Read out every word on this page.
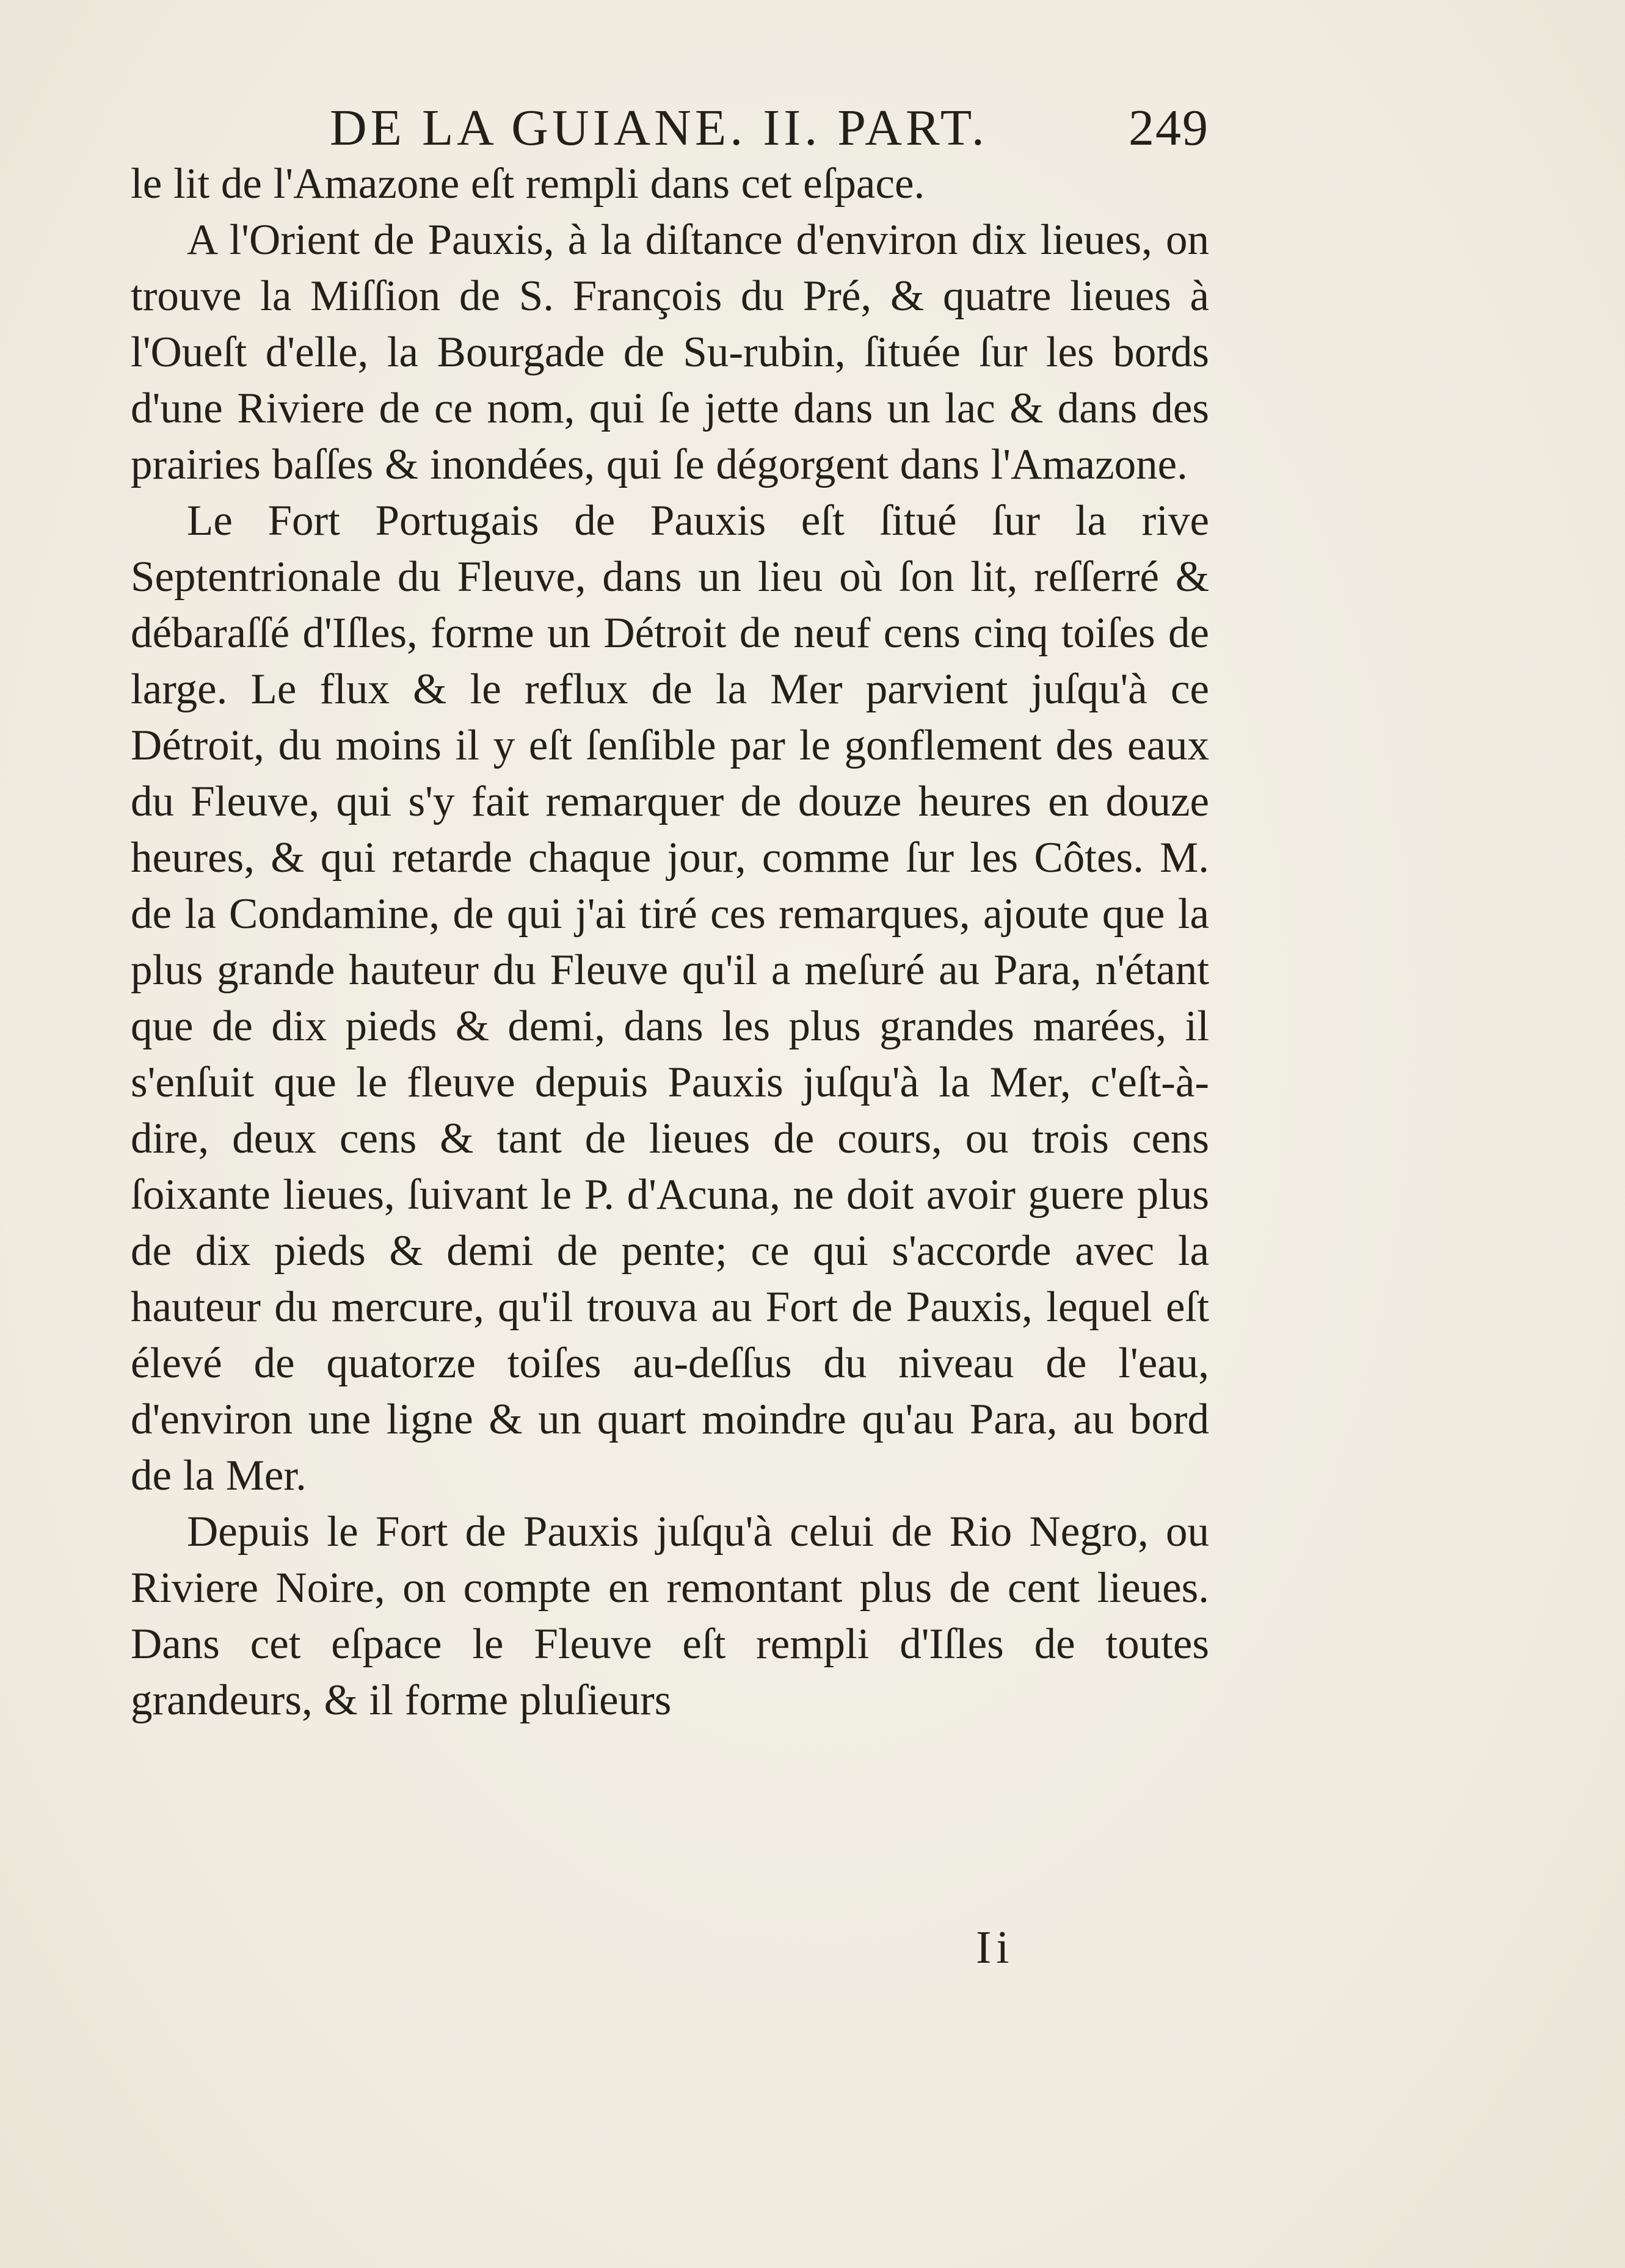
DE LA GUIANE. II. PART.	249

le lit de l'Amazone eſt rempli dans cet eſpace.

A l'Orient de Pauxis, à la diſtance d'environ dix lieues, on trouve la Miſſion de S. François du Pré, & quatre lieues à l'Oueſt d'elle, la Bourgade de Su-rubin, ſituée ſur les bords d'une Riviere de ce nom, qui ſe jette dans un lac & dans des prairies baſſes & inondées, qui ſe dégorgent dans l'Amazone.

Le Fort Portugais de Pauxis eſt ſitué ſur la rive Septentrionale du Fleuve, dans un lieu où ſon lit, reſſerré & débaraſſé d'Iſles, forme un Détroit de neuf cens cinq toiſes de large. Le flux & le reflux de la Mer parvient juſqu'à ce Détroit, du moins il y eſt ſenſible par le gonflement des eaux du Fleuve, qui s'y fait remarquer de douze heures en douze heures, & qui retarde chaque jour, comme ſur les Côtes. M. de la Condamine, de qui j'ai tiré ces remarques, ajoute que la plus grande hauteur du Fleuve qu'il a meſuré au Para, n'étant que de dix pieds & demi, dans les plus grandes marées, il s'enſuit que le fleuve depuis Pauxis juſqu'à la Mer, c'eſt-à-dire, deux cens & tant de lieues de cours, ou trois cens ſoixante lieues, ſuivant le P. d'Acuna, ne doit avoir guere plus de dix pieds & demi de pente; ce qui s'accorde avec la hauteur du mercure, qu'il trouva au Fort de Pauxis, lequel eſt élevé de quatorze toiſes au-deſſus du niveau de l'eau, d'environ une ligne & un quart moindre qu'au Para, au bord de la Mer.

Depuis le Fort de Pauxis juſqu'à celui de Rio Negro, ou Riviere Noire, on compte en remontant plus de cent lieues. Dans cet eſpace le Fleuve eſt rempli d'Iſles de toutes grandeurs, & il forme pluſieurs

Ii
